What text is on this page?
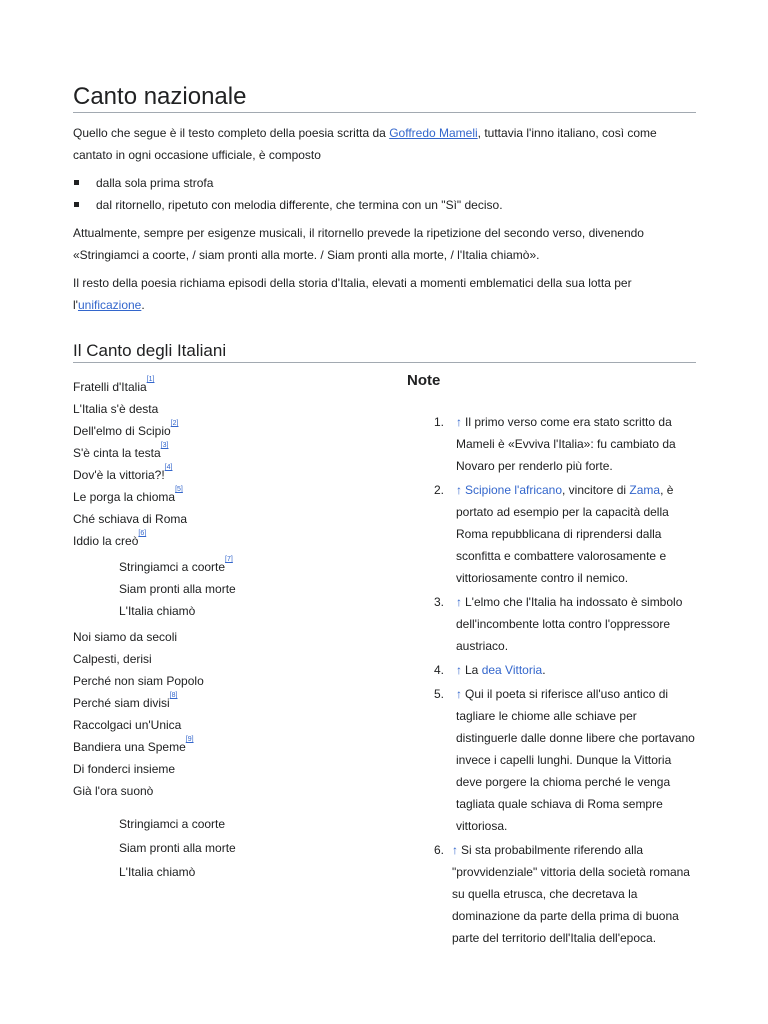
Canto nazionale

Quello che segue è il testo completo della poesia scritta da Goffredo Mameli, tuttavia l'inno italiano, così come cantato in ogni occasione ufficiale, è composto

dalla sola prima strofa
dal ritornello, ripetuto con melodia differente, che termina con un "Sì" deciso.

Attualmente, sempre per esigenze musicali, il ritornello prevede la ripetizione del secondo verso, divenendo «Stringiamci a coorte, / siam pronti alla morte. / Siam pronti alla morte, / l'Italia chiamò».

Il resto della poesia richiama episodi della storia d'Italia, elevati a momenti emblematici della sua lotta per l'unificazione.

Il Canto degli Italiani
Fratelli d'Italia[1]
L'Italia s'è desta
Dell'elmo di Scipio[2]
S'è cinta la testa[3]
Dov'è la vittoria?![4]
Le porga la chioma[5]
Ché schiava di Roma
Iddio la creò[6]
Stringiamci a coorte[7]
Siam pronti alla morte
L'Italia chiamò
Noi siamo da secoli
Calpesti, derisi
Perché non siam Popolo
Perché siam divisi[8]
Raccolgaci un'Unica
Bandiera una Speme[9]
Di fonderci insieme
Già l'ora suonò
Stringiamci a coorte
Siam pronti alla morte
L'Italia chiamò
Note
1. ↑ Il primo verso come era stato scritto da Mameli è «Evviva l'Italia»: fu cambiato da Novaro per renderlo più forte.
2. ↑ Scipione l'africano, vincitore di Zama, è portato ad esempio per la capacità della Roma repubblicana di riprendersi dalla sconfitta e combattere valorosamente e vittoriosamente contro il nemico.
3. ↑ L'elmo che l'Italia ha indossato è simbolo dell'incombente lotta contro l'oppressore austriaco.
4. ↑ La dea Vittoria.
5. ↑ Qui il poeta si riferisce all'uso antico di tagliare le chiome alle schiave per distinguerle dalle donne libere che portavano invece i capelli lunghi. Dunque la Vittoria deve porgere la chioma perché le venga tagliata quale schiava di Roma sempre vittoriosa.
6. ↑ Si sta probabilmente riferendo alla "provvidenziale" vittoria della società romana su quella etrusca, che decretava la dominazione da parte della prima di buona parte del territorio dell'Italia dell'epoca.
